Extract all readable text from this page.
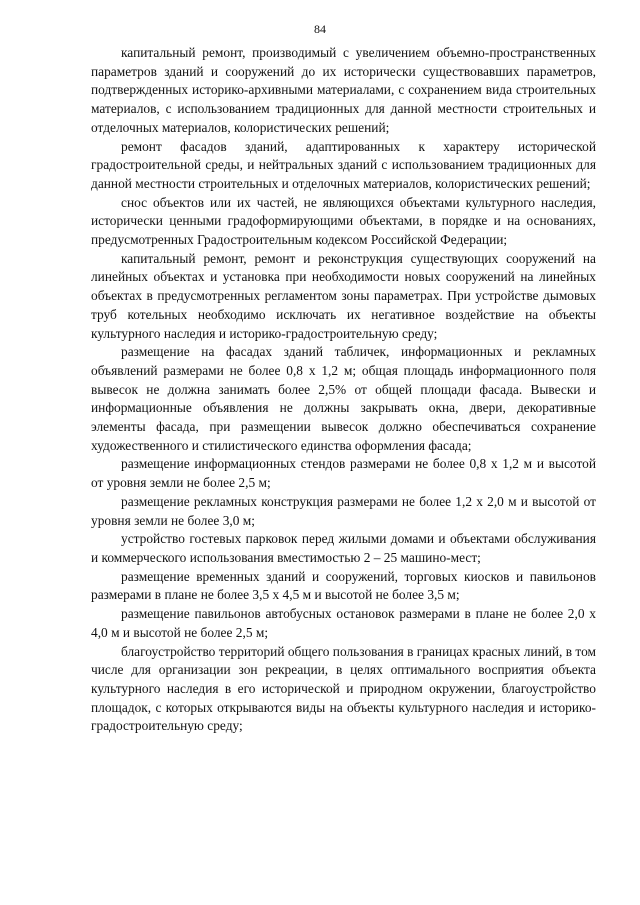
84

капитальный ремонт, производимый с увеличением объемно-пространственных параметров зданий и сооружений до их исторически существовавших параметров, подтвержденных историко-архивными материалами, с сохранением вида строительных материалов, с использованием традиционных для данной местности строительных и отделочных материалов, колористических решений;

ремонт фасадов зданий, адаптированных к характеру исторической градостроительной среды, и нейтральных зданий с использованием традиционных для данной местности строительных и отделочных материалов, колористических решений;

снос объектов или их частей, не являющихся объектами культурного наследия, исторически ценными градоформирующими объектами, в порядке и на основаниях, предусмотренных Градостроительным кодексом Российской Федерации;

капитальный ремонт, ремонт и реконструкция существующих сооружений на линейных объектах и установка при необходимости новых сооружений на линейных объектах в предусмотренных регламентом зоны параметрах. При устройстве дымовых труб котельных необходимо исключать их негативное воздействие на объекты культурного наследия и историко-градостроительную среду;

размещение на фасадах зданий табличек, информационных и рекламных объявлений размерами не более 0,8 х 1,2 м; общая площадь информационного поля вывесок не должна занимать более 2,5% от общей площади фасада. Вывески и информационные объявления не должны закрывать окна, двери, декоративные элементы фасада, при размещении вывесок должно обеспечиваться сохранение художественного и стилистического единства оформления фасада;

размещение информационных стендов размерами не более 0,8 х 1,2 м и высотой от уровня земли не более 2,5 м;

размещение рекламных конструкция размерами не более 1,2 х 2,0 м и высотой от уровня земли не более 3,0 м;

устройство гостевых парковок перед жилыми домами и объектами обслуживания и коммерческого использования вместимостью 2 – 25 машино-мест;

размещение временных зданий и сооружений, торговых киосков и павильонов размерами в плане не более 3,5 х 4,5 м и высотой не более 3,5 м;

размещение павильонов автобусных остановок размерами в плане не более 2,0 х 4,0 м и высотой не более 2,5 м;

благоустройство территорий общего пользования в границах красных линий, в том числе для организации зон рекреации, в целях оптимального восприятия объекта культурного наследия в его исторической и природном окружении, благоустройство площадок, с которых открываются виды на объекты культурного наследия и историко-градостроительную среду;
